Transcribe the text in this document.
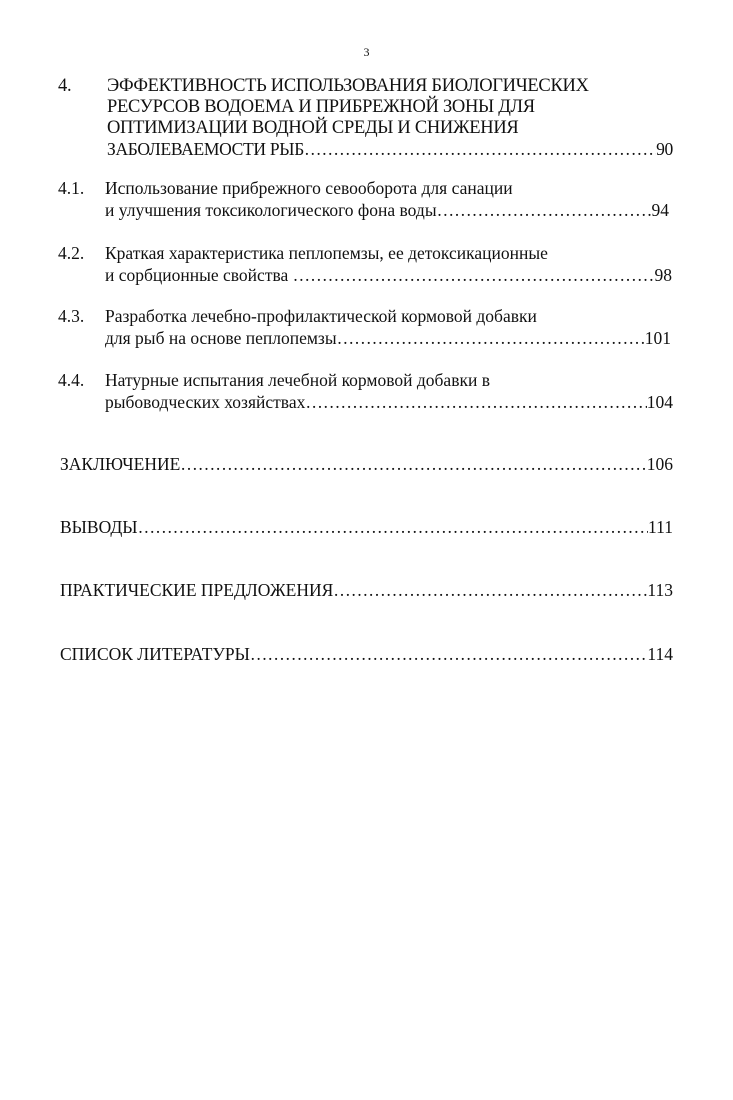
3
4. ЭФФЕКТИВНОСТЬ ИСПОЛЬЗОВАНИЯ БИОЛОГИЧЕСКИХ
РЕСУРСОВ ВОДОЕМА И ПРИБРЕЖНОЙ ЗОНЫ ДЛЯ
ОПТИМИЗАЦИИ ВОДНОЙ СРЕДЫ И СНИЖЕНИЯ
ЗАБОЛЕВАЕМОСТИ РЫБ ……………………………………………………………………………………………………………………………………………	90
4.1. Использование прибрежного севооборота для санации
и улучшения токсикологического фона воды ……………………………………………………………………………………………………………………………………………	94
4.2. Краткая характеристика пеплопемзы, ее детоксикационные
и сорбционные свойства ……………………………………………………………………………………………………………………………………………	98
4.3. Разработка лечебно-профилактической кормовой добавки
для рыб на основе пеплопемзы ……………………………………………………………………………………………………………………………………………	101
4.4. Натурные испытания лечебной кормовой добавки в
рыбоводческих хозяйствах ……………………………………………………………………………………………………………………………………………	104
ЗАКЛЮЧЕНИЕ ……………………………………………………………………………………………………………………………………………	106
ВЫВОДЫ ……………………………………………………………………………………………………………………………………………	111
ПРАКТИЧЕСКИЕ ПРЕДЛОЖЕНИЯ ……………………………………………………………………………………………………………………………………………	113
СПИСОК ЛИТЕРАТУРЫ ……………………………………………………………………………………………………………………………………………	114
